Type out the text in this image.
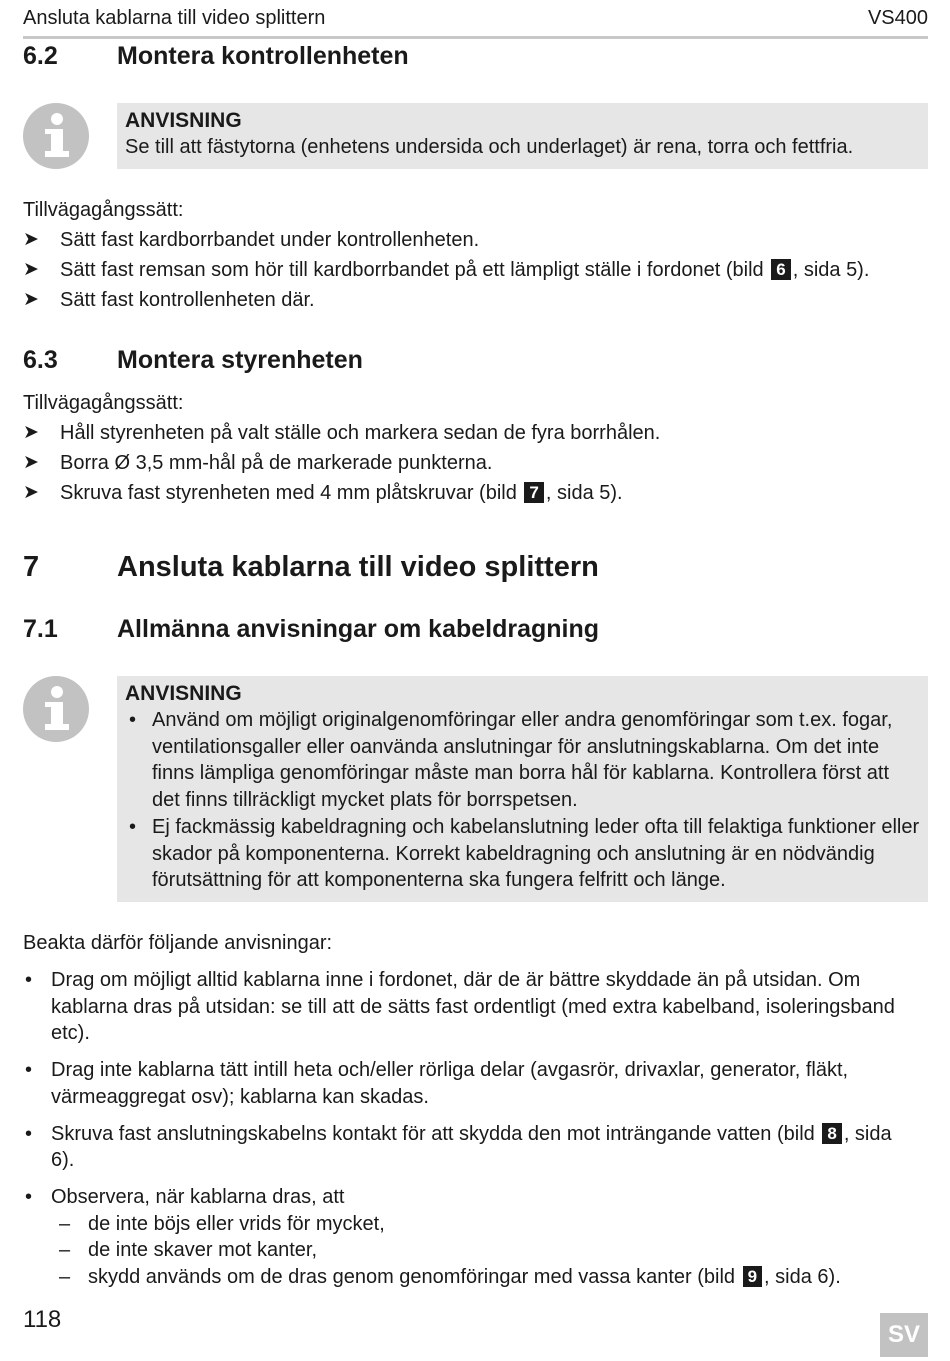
Ansluta kablarna till video splittern	VS400
6.2 Montera kontrollenheten
ANVISNING
Se till att fästytorna (enhetens undersida och underlaget) är rena, torra och fettfria.
Tillvägagångssätt:
➤ Sätt fast kardborrbandet under kontrollenheten.
➤ Sätt fast remsan som hör till kardborrbandet på ett lämpligt ställe i fordonet (bild 6 , sida 5).
➤ Sätt fast kontrollenheten där.
6.3 Montera styrenheten
Tillvägagångssätt:
➤ Håll styrenheten på valt ställe och markera sedan de fyra borrhålen.
➤ Borra Ø 3,5 mm-hål på de markerade punkterna.
➤ Skruva fast styrenheten med 4 mm plåtskruvar (bild 7 , sida 5).
7	Ansluta kablarna till video splittern
7.1 Allmänna anvisningar om kabeldragning
ANVISNING
• Använd om möjligt originalgenomföringar eller andra genomföringar som t.ex. fogar, ventilationsgaller eller oanvända anslutningar för anslutningskablarna. Om det inte finns lämpliga genomföringar måste man borra hål för kablarna. Kontrollera först att det finns tillräckligt mycket plats för borrspetsen.
• Ej fackmässig kabeldragning och kabelanslutning leder ofta till felaktiga funktioner eller skador på komponenterna. Korrekt kabeldragning och anslutning är en nödvändig förutsättning för att komponenterna ska fungera felfritt och länge.
Beakta därför följande anvisningar:
• Drag om möjligt alltid kablarna inne i fordonet, där de är bättre skyddade än på utsidan. Om kablarna dras på utsidan: se till att de sätts fast ordentligt (med extra kabelband, isoleringsband etc).
• Drag inte kablarna tätt intill heta och/eller rörliga delar (avgasrör, drivaxlar, generator, fläkt, värmeaggregat osv); kablarna kan skadas.
• Skruva fast anslutningskabelns kontakt för att skydda den mot inträngande vatten (bild 8 , sida 6).
• Observera, när kablarna dras, att
– de inte böjs eller vrids för mycket,
– de inte skaver mot kanter,
– skydd används om de dras genom genomföringar med vassa kanter (bild 9 , sida 6).
118
SV
